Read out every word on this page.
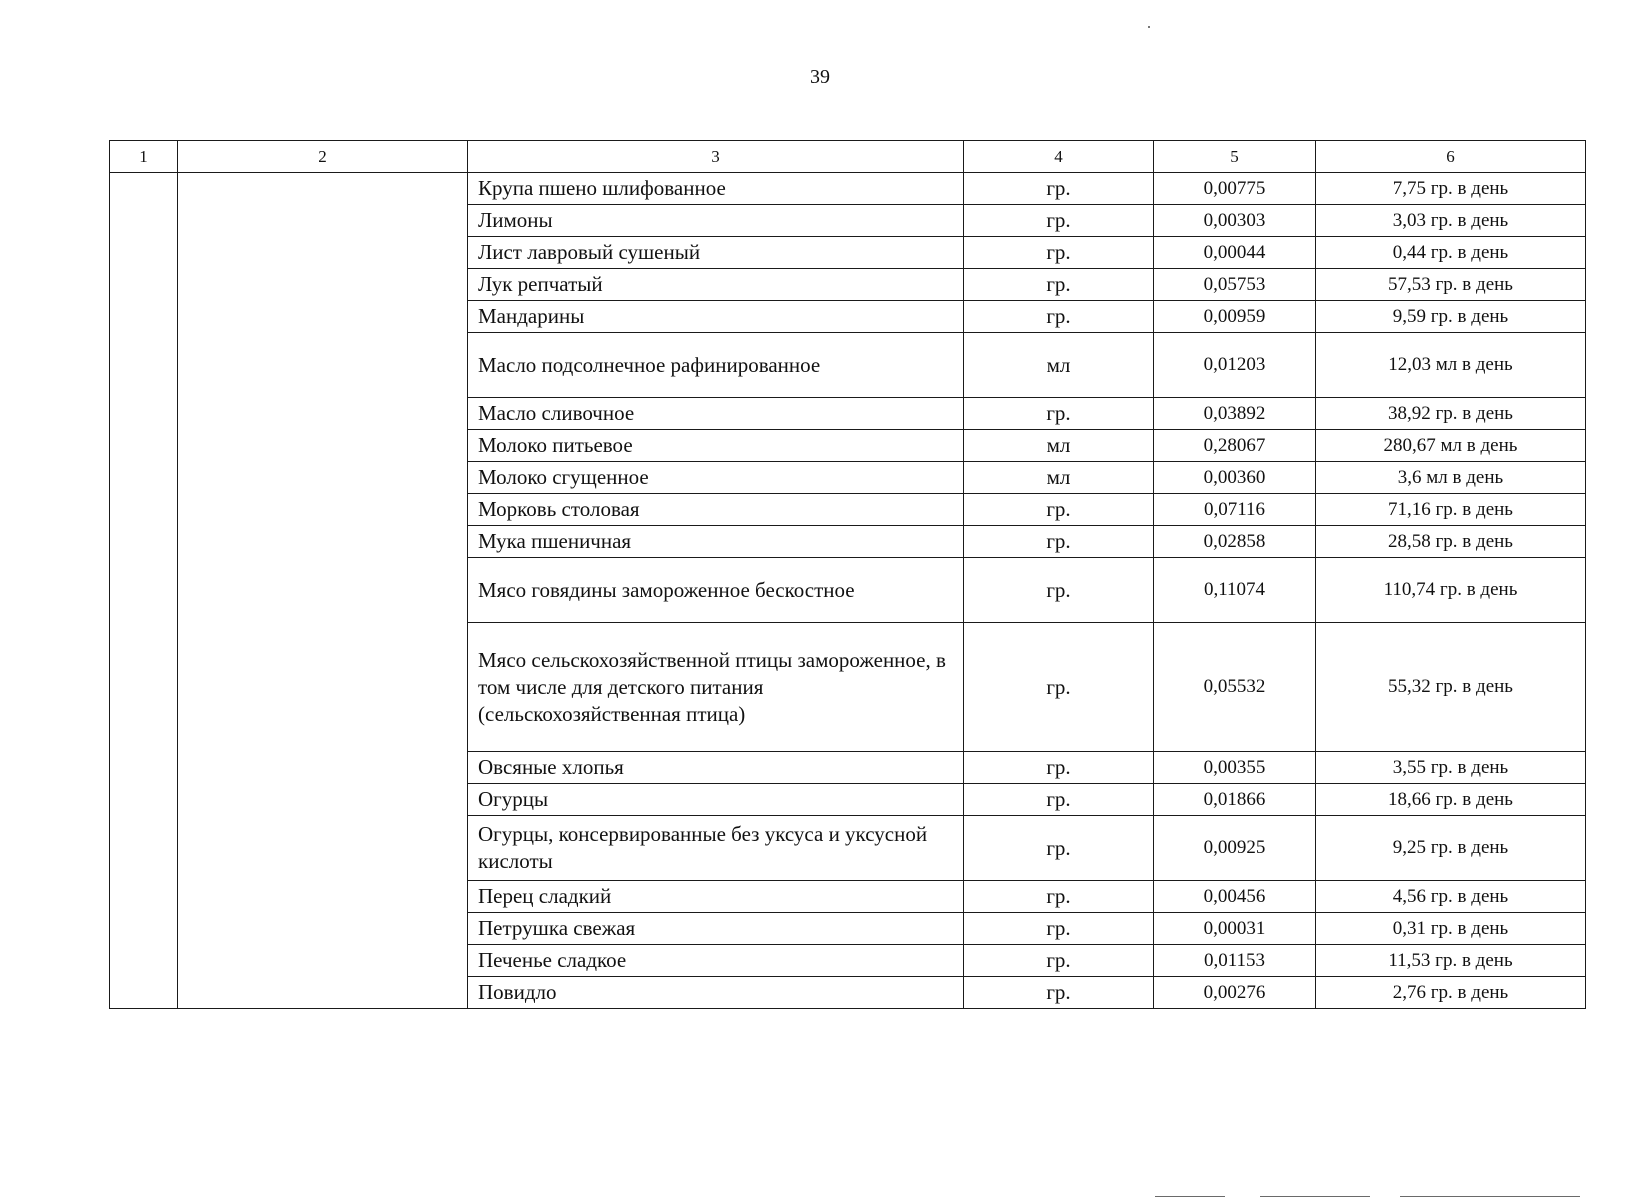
39
1	2	3	4	5	6
		Крупа пшено шлифованное	гр.	0,00775	7,75 гр. в день
		Лимоны	гр.	0,00303	3,03 гр. в день
		Лист лавровый сушеный	гр.	0,00044	0,44 гр. в день
		Лук репчатый	гр.	0,05753	57,53 гр. в день
		Мандарины	гр.	0,00959	9,59 гр. в день
		Масло подсолнечное рафинированное	мл	0,01203	12,03 мл в день
		Масло сливочное	гр.	0,03892	38,92 гр. в день
		Молоко питьевое	мл	0,28067	280,67 мл в день
		Молоко сгущенное	мл	0,00360	3,6 мл в день
		Морковь столовая	гр.	0,07116	71,16 гр. в день
		Мука пшеничная	гр.	0,02858	28,58 гр. в день
		Мясо говядины замороженное бескостное	гр.	0,11074	110,74 гр. в день
		Мясо сельскохозяйственной птицы замороженное, в том числе для детского питания (сельскохозяйственная птица)	гр.	0,05532	55,32 гр. в день
		Овсяные хлопья	гр.	0,00355	3,55 гр. в день
		Огурцы	гр.	0,01866	18,66 гр. в день
		Огурцы, консервированные без уксуса и уксусной кислоты	гр.	0,00925	9,25 гр. в день
		Перец сладкий	гр.	0,00456	4,56 гр. в день
		Петрушка свежая	гр.	0,00031	0,31 гр. в день
		Печенье сладкое	гр.	0,01153	11,53 гр. в день
		Повидло	гр.	0,00276	2,76 гр. в день
